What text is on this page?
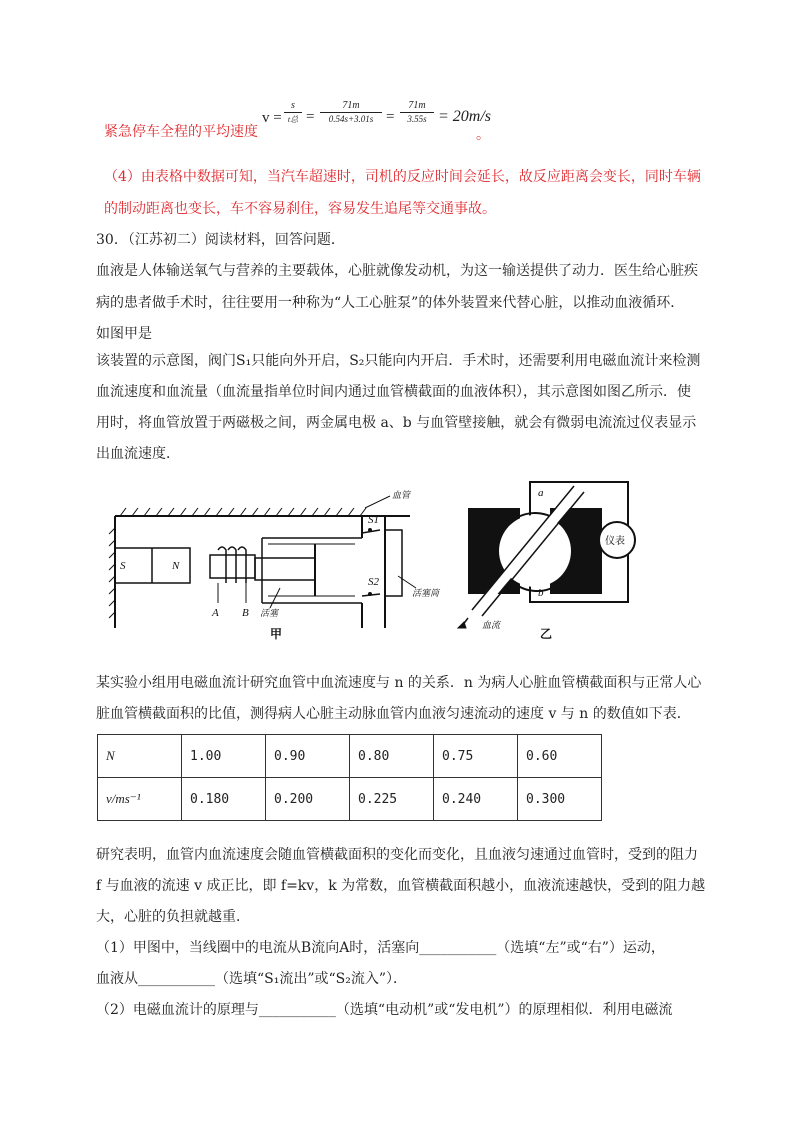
v =
s
t总 =
71m
0.54s+3.01s =
71m
3.55s = 20m/s
紧急停车全程的平均速度	。
（4）由表格中数据可知，当汽车超速时，司机的反应时间会延长，故反应距离会变长，同时车辆
的制动距离也变长，车不容易刹住，容易发生追尾等交通事故。
30．（江苏初二）阅读材料，回答问题．
血液是人体输送氧气与营养的主要载体，心脏就像发动机，为这一输送提供了动力．医生给心脏疾
病的患者做手术时，往往要用一种称为“人工心脏泵”的体外装置来代替心脏，以推动血液循环．
如图甲是
该装置的示意图，阀门S₁只能向外开启，S₂只能向内开启．手术时，还需要利用电磁血流计来检测
血流速度和血流量（血流量指单位时间内通过血管横截面的血液体积），其示意图如图乙所示．使
用时，将血管放置于两磁极之间，两金属电极 a、b 与血管壁接触，就会有微弱电流流过仪表显示
出血流速度．
S	N
A B
S1
S2
血管
活塞
活塞筒
甲
a
b
仪表
血流
乙
某实验小组用电磁血流计研究血管中血流速度与 n 的关系．n 为病人心脏血管横截面积与正常人心
脏血管横截面积的比值，测得病人心脏主动脉血管内血液匀速流动的速度 v 与 n 的数值如下表．
N	1.00	0.90	0.80	0.75	0.60
v/ms⁻¹	0.180	0.200	0.225	0.240	0.300
研究表明，血管内血流速度会随血管横截面积的变化而变化，且血液匀速通过血管时，受到的阻力
f 与血液的流速 v 成正比，即 f=kv，k 为常数，血管横截面积越小，血液流速越快，受到的阻力越
大，心脏的负担就越重．
（1）甲图中，当线圈中的电流从B流向A时，活塞向___________（选填“左”或“右”）运动，
血液从___________（选填“S₁流出”或“S₂流入”）．
（2）电磁血流计的原理与___________（选填“电动机”或“发电机”）的原理相似．利用电磁流
